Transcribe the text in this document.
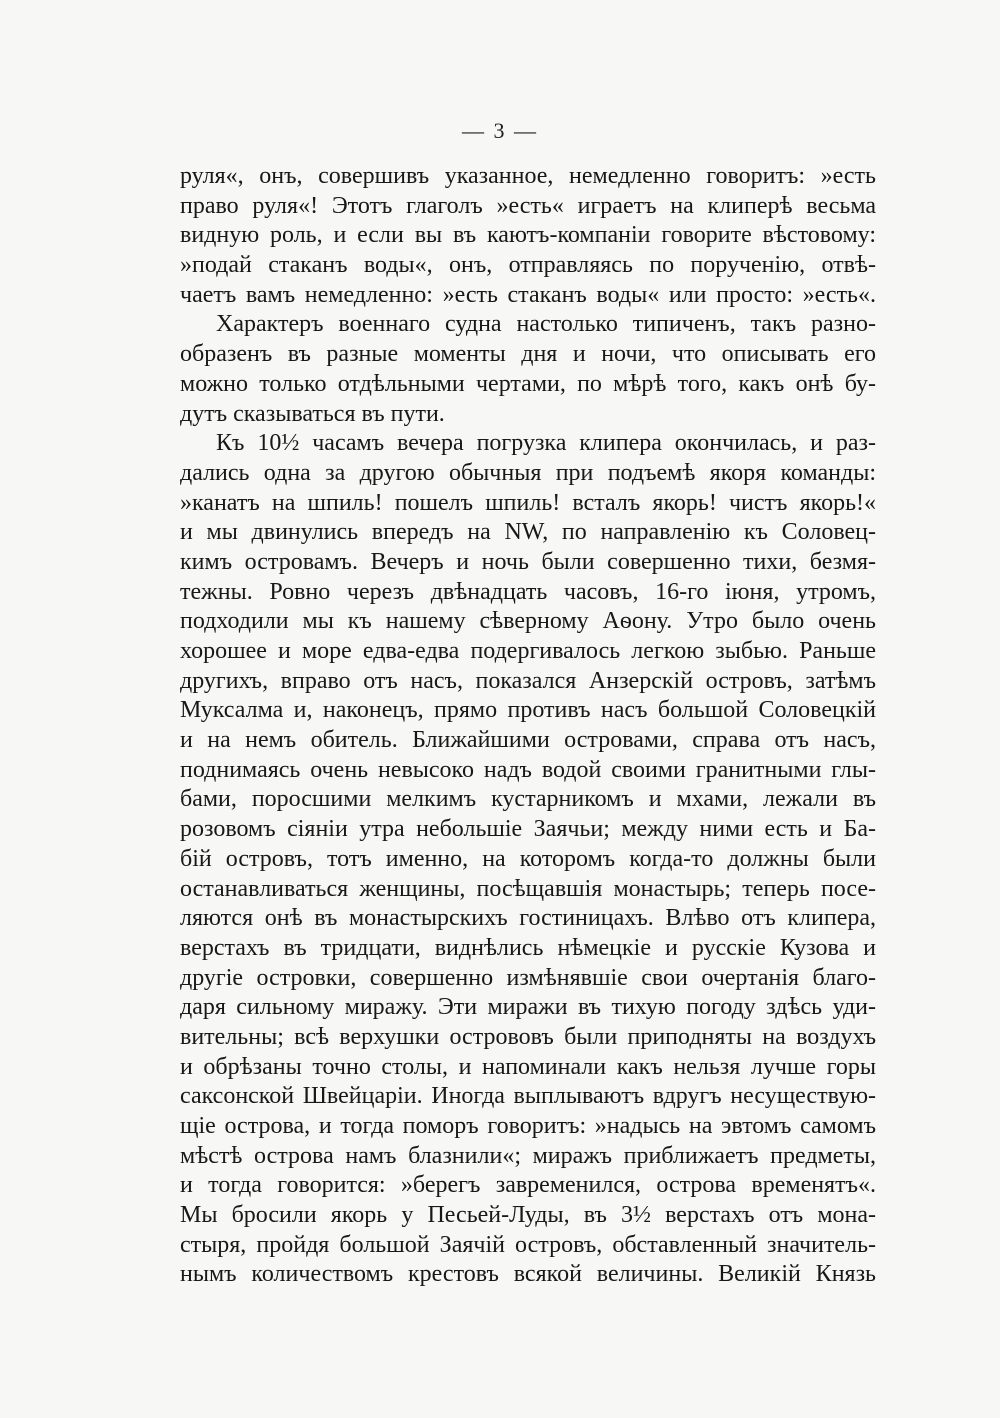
— 3 —
руля«, онъ, совершивъ указанное, немедленно говоритъ: »есть
право руля«! Этотъ глаголъ »есть« играетъ на клиперѣ весьма
видную роль, и если вы въ каютъ-компаніи говорите вѣстовому:
»подай стаканъ воды«, онъ, отправляясь по порученію, отвѣ-
чаетъ вамъ немедленно: »есть стаканъ воды« или просто: »есть«.
Характеръ военнаго судна настолько типиченъ, такъ разно-
образенъ въ разные моменты дня и ночи, что описывать его
можно только отдѣльными чертами, по мѣрѣ того, какъ онѣ бу-
дутъ сказываться въ пути.
Къ 10½ часамъ вечера погрузка клипера окончилась, и раз-
дались одна за другою обычныя при подъемѣ якоря команды:
»канатъ на шпиль! пошелъ шпиль! всталъ якорь! чистъ якорь!«
и мы двинулись впередъ на NW, по направленію къ Соловец-
кимъ островамъ. Вечеръ и ночь были совершенно тихи, безмя-
тежны. Ровно черезъ двѣнадцать часовъ, 16-го іюня, утромъ,
подходили мы къ нашему сѣверному Аѳону. Утро было очень
хорошее и море едва-едва подергивалось легкою зыбью. Раньше
другихъ, вправо отъ насъ, показался Анзерскій островъ, затѣмъ
Муксалма и, наконецъ, прямо противъ насъ большой Соловецкій
и на немъ обитель. Ближайшими островами, справа отъ насъ,
поднимаясь очень невысоко надъ водой своими гранитными глы-
бами, поросшими мелкимъ кустарникомъ и мхами, лежали въ
розовомъ сіяніи утра небольшіе Заячьи; между ними есть и Ба-
бій островъ, тотъ именно, на которомъ когда-то должны были
останавливаться женщины, посѣщавшія монастырь; теперь посе-
ляются онѣ въ монастырскихъ гостиницахъ. Влѣво отъ клипера,
верстахъ въ тридцати, виднѣлись нѣмецкіе и русскіе Кузова и
другіе островки, совершенно измѣнявшіе свои очертанія благо-
даря сильному миражу. Эти миражи въ тихую погоду здѣсь уди-
вительны; всѣ верхушки острововъ были приподняты на воздухъ
и обрѣзаны точно столы, и напоминали какъ нельзя лучше горы
саксонской Швейцаріи. Иногда выплываютъ вдругъ несуществую-
щіе острова, и тогда поморъ говоритъ: »надысь на эвтомъ самомъ
мѣстѣ острова намъ блазнили«; миражъ приближаетъ предметы,
и тогда говорится: »берегъ завременился, острова временятъ«.
Мы бросили якорь у Песьей-Луды, въ 3½ верстахъ отъ мона-
стыря, пройдя большой Заячій островъ, обставленный значитель-
нымъ количествомъ крестовъ всякой величины. Великій Князь
